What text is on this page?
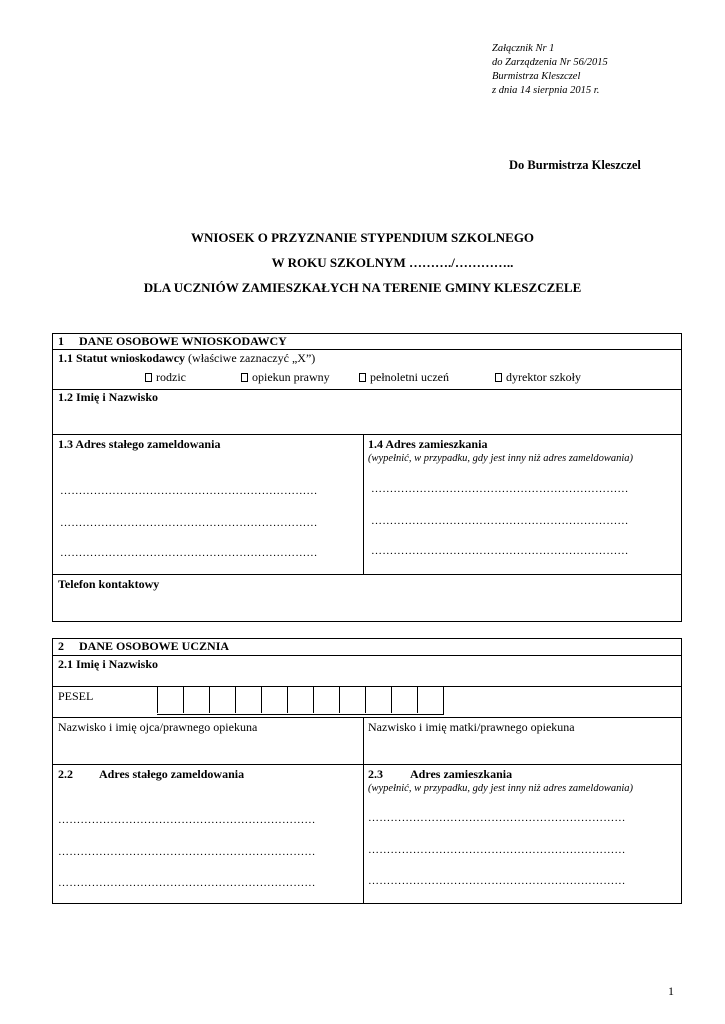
Załącznik Nr 1
do Zarządzenia Nr 56/2015
Burmistrza Kleszczel
z dnia 14 sierpnia 2015 r.
Do Burmistrza Kleszczel
WNIOSEK O PRZYZNANIE STYPENDIUM SZKOLNEGO
W ROKU SZKOLNYM ………./…………..
DLA UCZNIÓW ZAMIESZKAŁYCH NA TERENIE GMINY KLESZCZELE
1 DANE OSOBOWE WNIOSKODAWCY
1.1 Statut wnioskodawcy (właściwe zaznaczyć „X”)
rodzic	opiekun prawny	pełnoletni uczeń	dyrektor szkoły
1.2 Imię i Nazwisko
1.3 Adres stałego zameldowania
……………………………………………………………
……………………………………………………………
……………………………………………………………
1.4 Adres zamieszkania
(wypełnić, w przypadku, gdy jest inny niż adres zameldowania)
……………………………………………………………
……………………………………………………………
……………………………………………………………
Telefon kontaktowy
2 DANE OSOBOWE UCZNIA
2.1 Imię i Nazwisko
PESEL
Nazwisko i imię ojca/prawnego opiekuna	Nazwisko i imię matki/prawnego opiekuna
2.2 Adres stałego zameldowania
……………………………………………………………
……………………………………………………………
……………………………………………………………
2.3 Adres zamieszkania
(wypełnić, w przypadku, gdy jest inny niż adres zameldowania)
……………………………………………………………
……………………………………………………………
……………………………………………………………
1
